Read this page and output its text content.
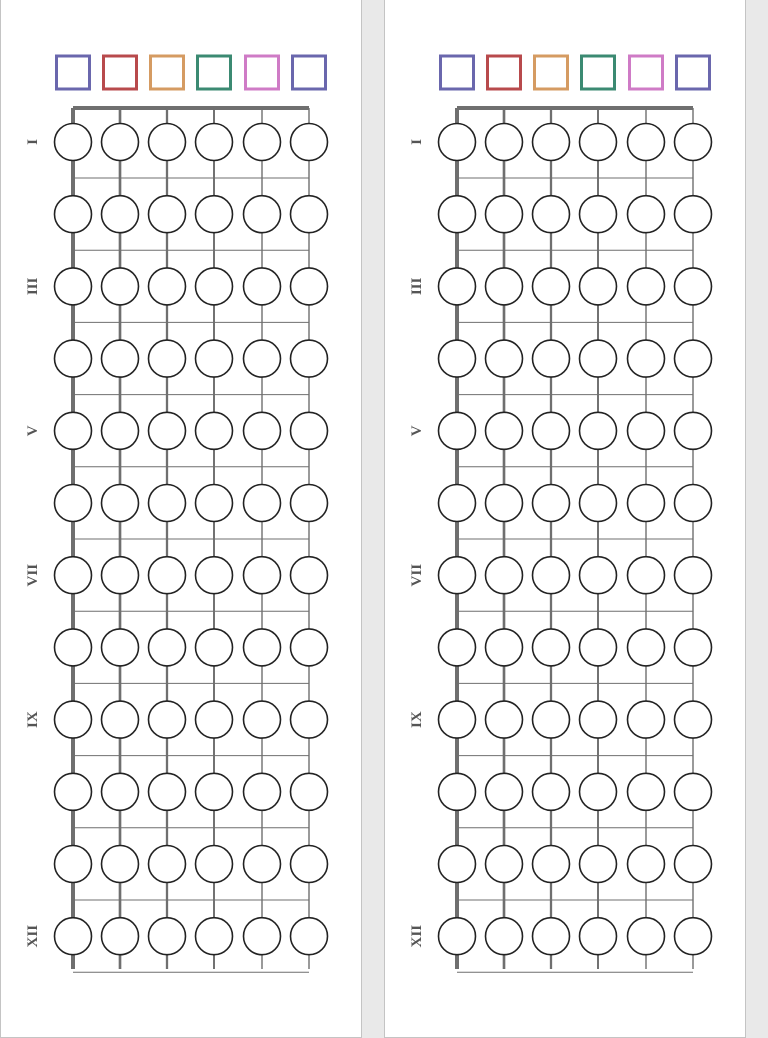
I
III
V
VII
IX
XII
I
III
V
VII
IX
XII
